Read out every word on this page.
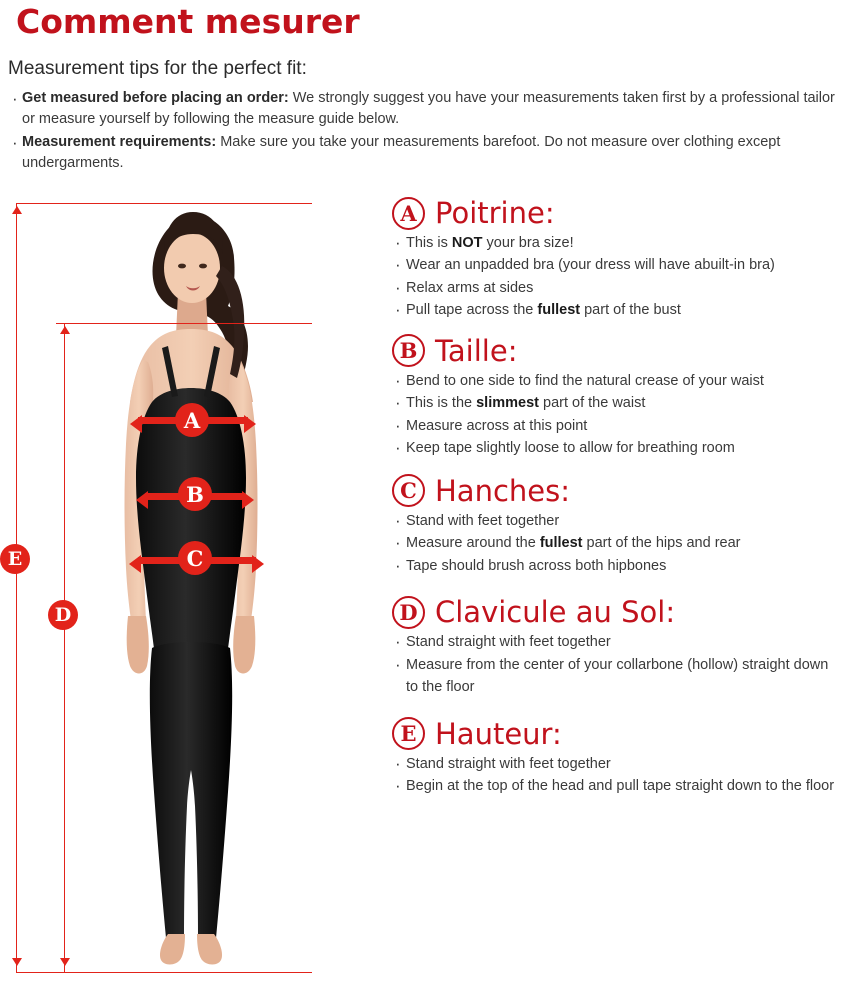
Comment mesurer
Measurement tips for the perfect fit:
· Get measured before placing an order: We strongly suggest you have your measurements taken first by a professional tailor or measure yourself by following the measure guide below.
· Measurement requirements: Make sure you take your measurements barefoot. Do not measure over clothing except undergarments.
E
D
A
B
C
A Poitrine:
· This is NOT your bra size!
· Wear an unpadded bra (your dress will have abuilt-in bra)
· Relax arms at sides
· Pull tape across the fullest part of the bust
B Taille:
· Bend to one side to find the natural crease of your waist
· This is the slimmest part of the waist
· Measure across at this point
· Keep tape slightly loose to allow for breathing room
C Hanches:
· Stand with feet together
· Measure around the fullest part of the hips and rear
· Tape should brush across both hipbones
D Clavicule au Sol:
· Stand straight with feet together
· Measure from the center of your collarbone (hollow) straight down to the floor
E Hauteur:
· Stand straight with feet together
· Begin at the top of the head and pull tape straight down to the floor
